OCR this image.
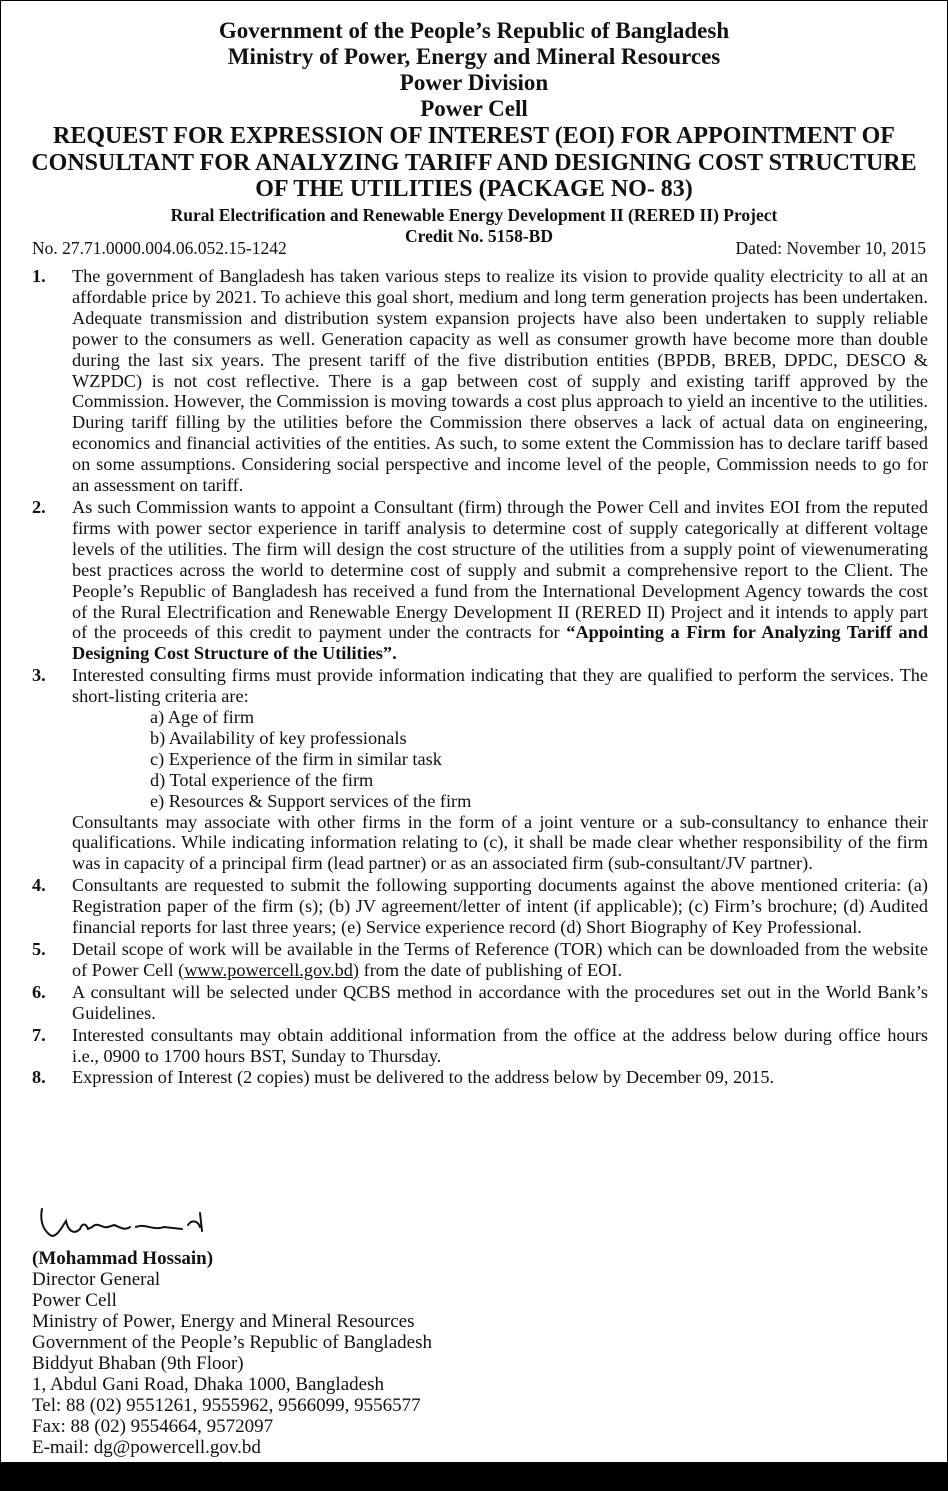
Government of the People’s Republic of Bangladesh
Ministry of Power, Energy and Mineral Resources
Power Division
Power Cell
REQUEST FOR EXPRESSION OF INTEREST (EOI) FOR APPOINTMENT OF CONSULTANT FOR ANALYZING TARIFF AND DESIGNING COST STRUCTURE OF THE UTILITIES (PACKAGE NO- 83)
Rural Electrification and Renewable Energy Development II (RERED II) Project
No. 27.71.0000.004.06.052.15-1242
Credit No. 5158-BD
Dated: November 10, 2015
1. The government of Bangladesh has taken various steps to realize its vision to provide quality electricity to all at an affordable price by 2021. To achieve this goal short, medium and long term generation projects has been undertaken. Adequate transmission and distribution system expansion projects have also been undertaken to supply reliable power to the consumers as well. Generation capacity as well as consumer growth have become more than double during the last six years. The present tariff of the five distribution entities (BPDB, BREB, DPDC, DESCO & WZPDC) is not cost reflective. There is a gap between cost of supply and existing tariff approved by the Commission. However, the Commission is moving towards a cost plus approach to yield an incentive to the utilities. During tariff filling by the utilities before the Commission there observes a lack of actual data on engineering, economics and financial activities of the entities. As such, to some extent the Commission has to declare tariff based on some assumptions. Considering social perspective and income level of the people, Commission needs to go for an assessment on tariff.
2. As such Commission wants to appoint a Consultant (firm) through the Power Cell and invites EOI from the reputed firms with power sector experience in tariff analysis to determine cost of supply categorically at different voltage levels of the utilities. The firm will design the cost structure of the utilities from a supply point of viewenumerating best practices across the world to determine cost of supply and submit a comprehensive report to the Client. The People’s Republic of Bangladesh has received a fund from the International Development Agency towards the cost of the Rural Electrification and Renewable Energy Development II (RERED II) Project and it intends to apply part of the proceeds of this credit to payment under the contracts for “Appointing a Firm for Analyzing Tariff and Designing Cost Structure of the Utilities”.
3. Interested consulting firms must provide information indicating that they are qualified to perform the services. The short-listing criteria are:
a) Age of firm
b) Availability of key professionals
c) Experience of the firm in similar task
d) Total experience of the firm
e) Resources & Support services of the firm
Consultants may associate with other firms in the form of a joint venture or a sub-consultancy to enhance their qualifications. While indicating information relating to (c), it shall be made clear whether responsibility of the firm was in capacity of a principal firm (lead partner) or as an associated firm (sub-consultant/JV partner).
4. Consultants are requested to submit the following supporting documents against the above mentioned criteria: (a) Registration paper of the firm (s); (b) JV agreement/letter of intent (if applicable); (c) Firm’s brochure; (d) Audited financial reports for last three years; (e) Service experience record (d) Short Biography of Key Professional.
5. Detail scope of work will be available in the Terms of Reference (TOR) which can be downloaded from the website of Power Cell (www.powercell.gov.bd) from the date of publishing of EOI.
6. A consultant will be selected under QCBS method in accordance with the procedures set out in the World Bank’s Guidelines.
7. Interested consultants may obtain additional information from the office at the address below during office hours i.e., 0900 to 1700 hours BST, Sunday to Thursday.
8. Expression of Interest (2 copies) must be delivered to the address below by December 09, 2015.
(Mohammad Hossain)
Director General
Power Cell
Ministry of Power, Energy and Mineral Resources
Government of the People’s Republic of Bangladesh
Biddyut Bhaban (9th Floor)
1, Abdul Gani Road, Dhaka 1000, Bangladesh
Tel: 88 (02) 9551261, 9555962, 9566099, 9556577
Fax: 88 (02) 9554664, 9572097
E-mail: dg@powercell.gov.bd
